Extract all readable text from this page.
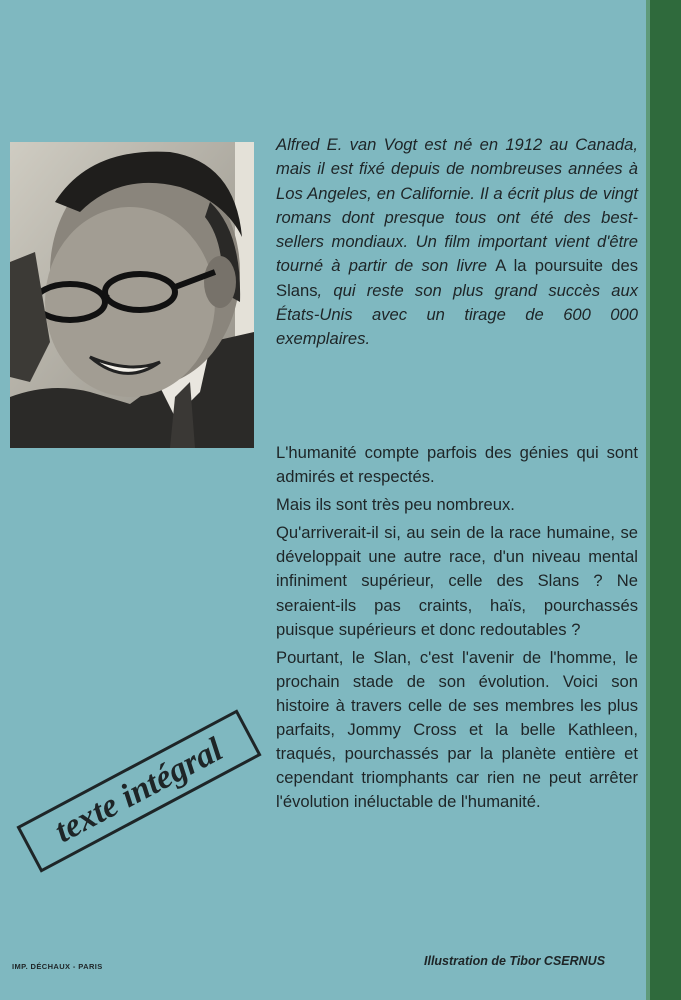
Alfred E. van Vogt est né en 1912 au Canada, mais il est fixé depuis de nombreuses années à Los Angeles, en Californie. Il a écrit plus de vingt romans dont presque tous ont été des best-sellers mondiaux. Un film important vient d'être tourné à partir de son livre A la poursuite des Slans, qui reste son plus grand succès aux États-Unis avec un tirage de 600 000 exemplaires.

L'humanité compte parfois des génies qui sont admirés et respectés.

Mais ils sont très peu nombreux.

Qu'arriverait-il si, au sein de la race humaine, se développait une autre race, d'un niveau mental infiniment supérieur, celle des Slans ? Ne seraient-ils pas craints, haïs, pourchassés puisque supérieurs et donc redoutables ?

Pourtant, le Slan, c'est l'avenir de l'homme, le prochain stade de son évolution. Voici son histoire à travers celle de ses membres les plus parfaits, Jommy Cross et la belle Kathleen, traqués, pourchassés par la planète entière et cependant triomphants car rien ne peut arrêter l'évolution inéluctable de l'humanité.

texte intégral
IMP. DÉCHAUX - PARIS	Illustration de Tibor CSERNUS
